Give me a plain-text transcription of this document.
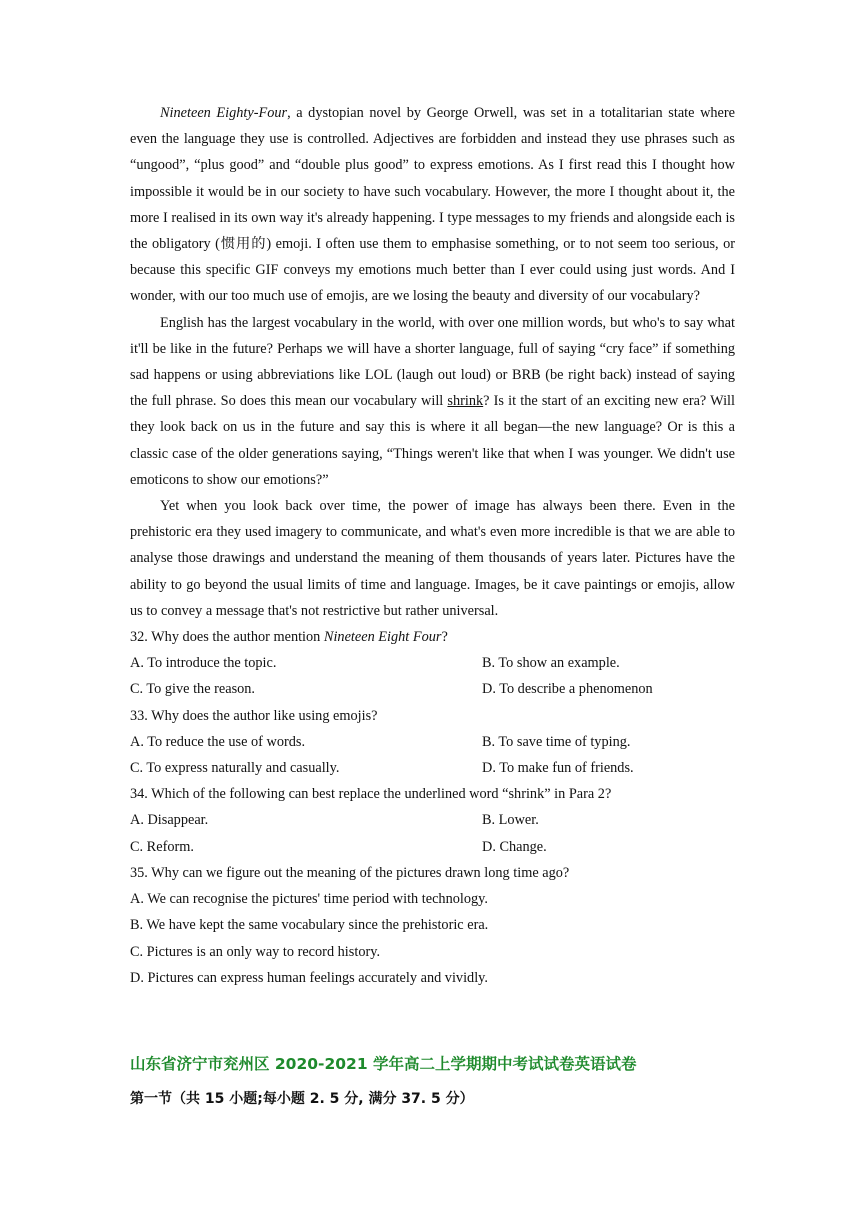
Nineteen Eighty-Four, a dystopian novel by George Orwell, was set in a totalitarian state where even the language they use is controlled. Adjectives are forbidden and instead they use phrases such as “ungood”, “plus good” and “double plus good” to express emotions. As I first read this I thought how impossible it would be in our society to have such vocabulary. However, the more I thought about it, the more I realised in its own way it's already happening. I type messages to my friends and alongside each is the obligatory (惯用的) emoji. I often use them to emphasise something, or to not seem too serious, or because this specific GIF conveys my emotions much better than I ever could using just words. And I wonder, with our too much use of emojis, are we losing the beauty and diversity of our vocabulary?

English has the largest vocabulary in the world, with over one million words, but who's to say what it'll be like in the future? Perhaps we will have a shorter language, full of saying “cry face” if something sad happens or using abbreviations like LOL (laugh out loud) or BRB (be right back) instead of saying the full phrase. So does this mean our vocabulary will shrink? Is it the start of an exciting new era? Will they look back on us in the future and say this is where it all began—the new language? Or is this a classic case of the older generations saying, “Things weren't like that when I was younger. We didn't use emoticons to show our emotions?”

Yet when you look back over time, the power of image has always been there. Even in the prehistoric era they used imagery to communicate, and what's even more incredible is that we are able to analyse those drawings and understand the meaning of them thousands of years later. Pictures have the ability to go beyond the usual limits of time and language. Images, be it cave paintings or emojis, allow us to convey a message that's not restrictive but rather universal.

32. Why does the author mention Nineteen Eight Four?

A. To introduce the topic.	B. To show an example.
C. To give the reason.	D. To describe a phenomenon

33. Why does the author like using emojis?

A. To reduce the use of words.	B. To save time of typing.
C. To express naturally and casually.	D. To make fun of friends.

34. Which of the following can best replace the underlined word “shrink” in Para 2?

A. Disappear.	B. Lower.
C. Reform.	D. Change.

35. Why can we figure out the meaning of the pictures drawn long time ago?

A. We can recognise the pictures' time period with technology.
B. We have kept the same vocabulary since the prehistoric era.
C. Pictures is an only way to record history.
D. Pictures can express human feelings accurately and vividly.
山东省济宁市兖州区 2020-2021 学年高二上学期期中考试试卷英语试卷
第一节（共 15 小题;每小题 2. 5 分, 满分 37. 5 分）
